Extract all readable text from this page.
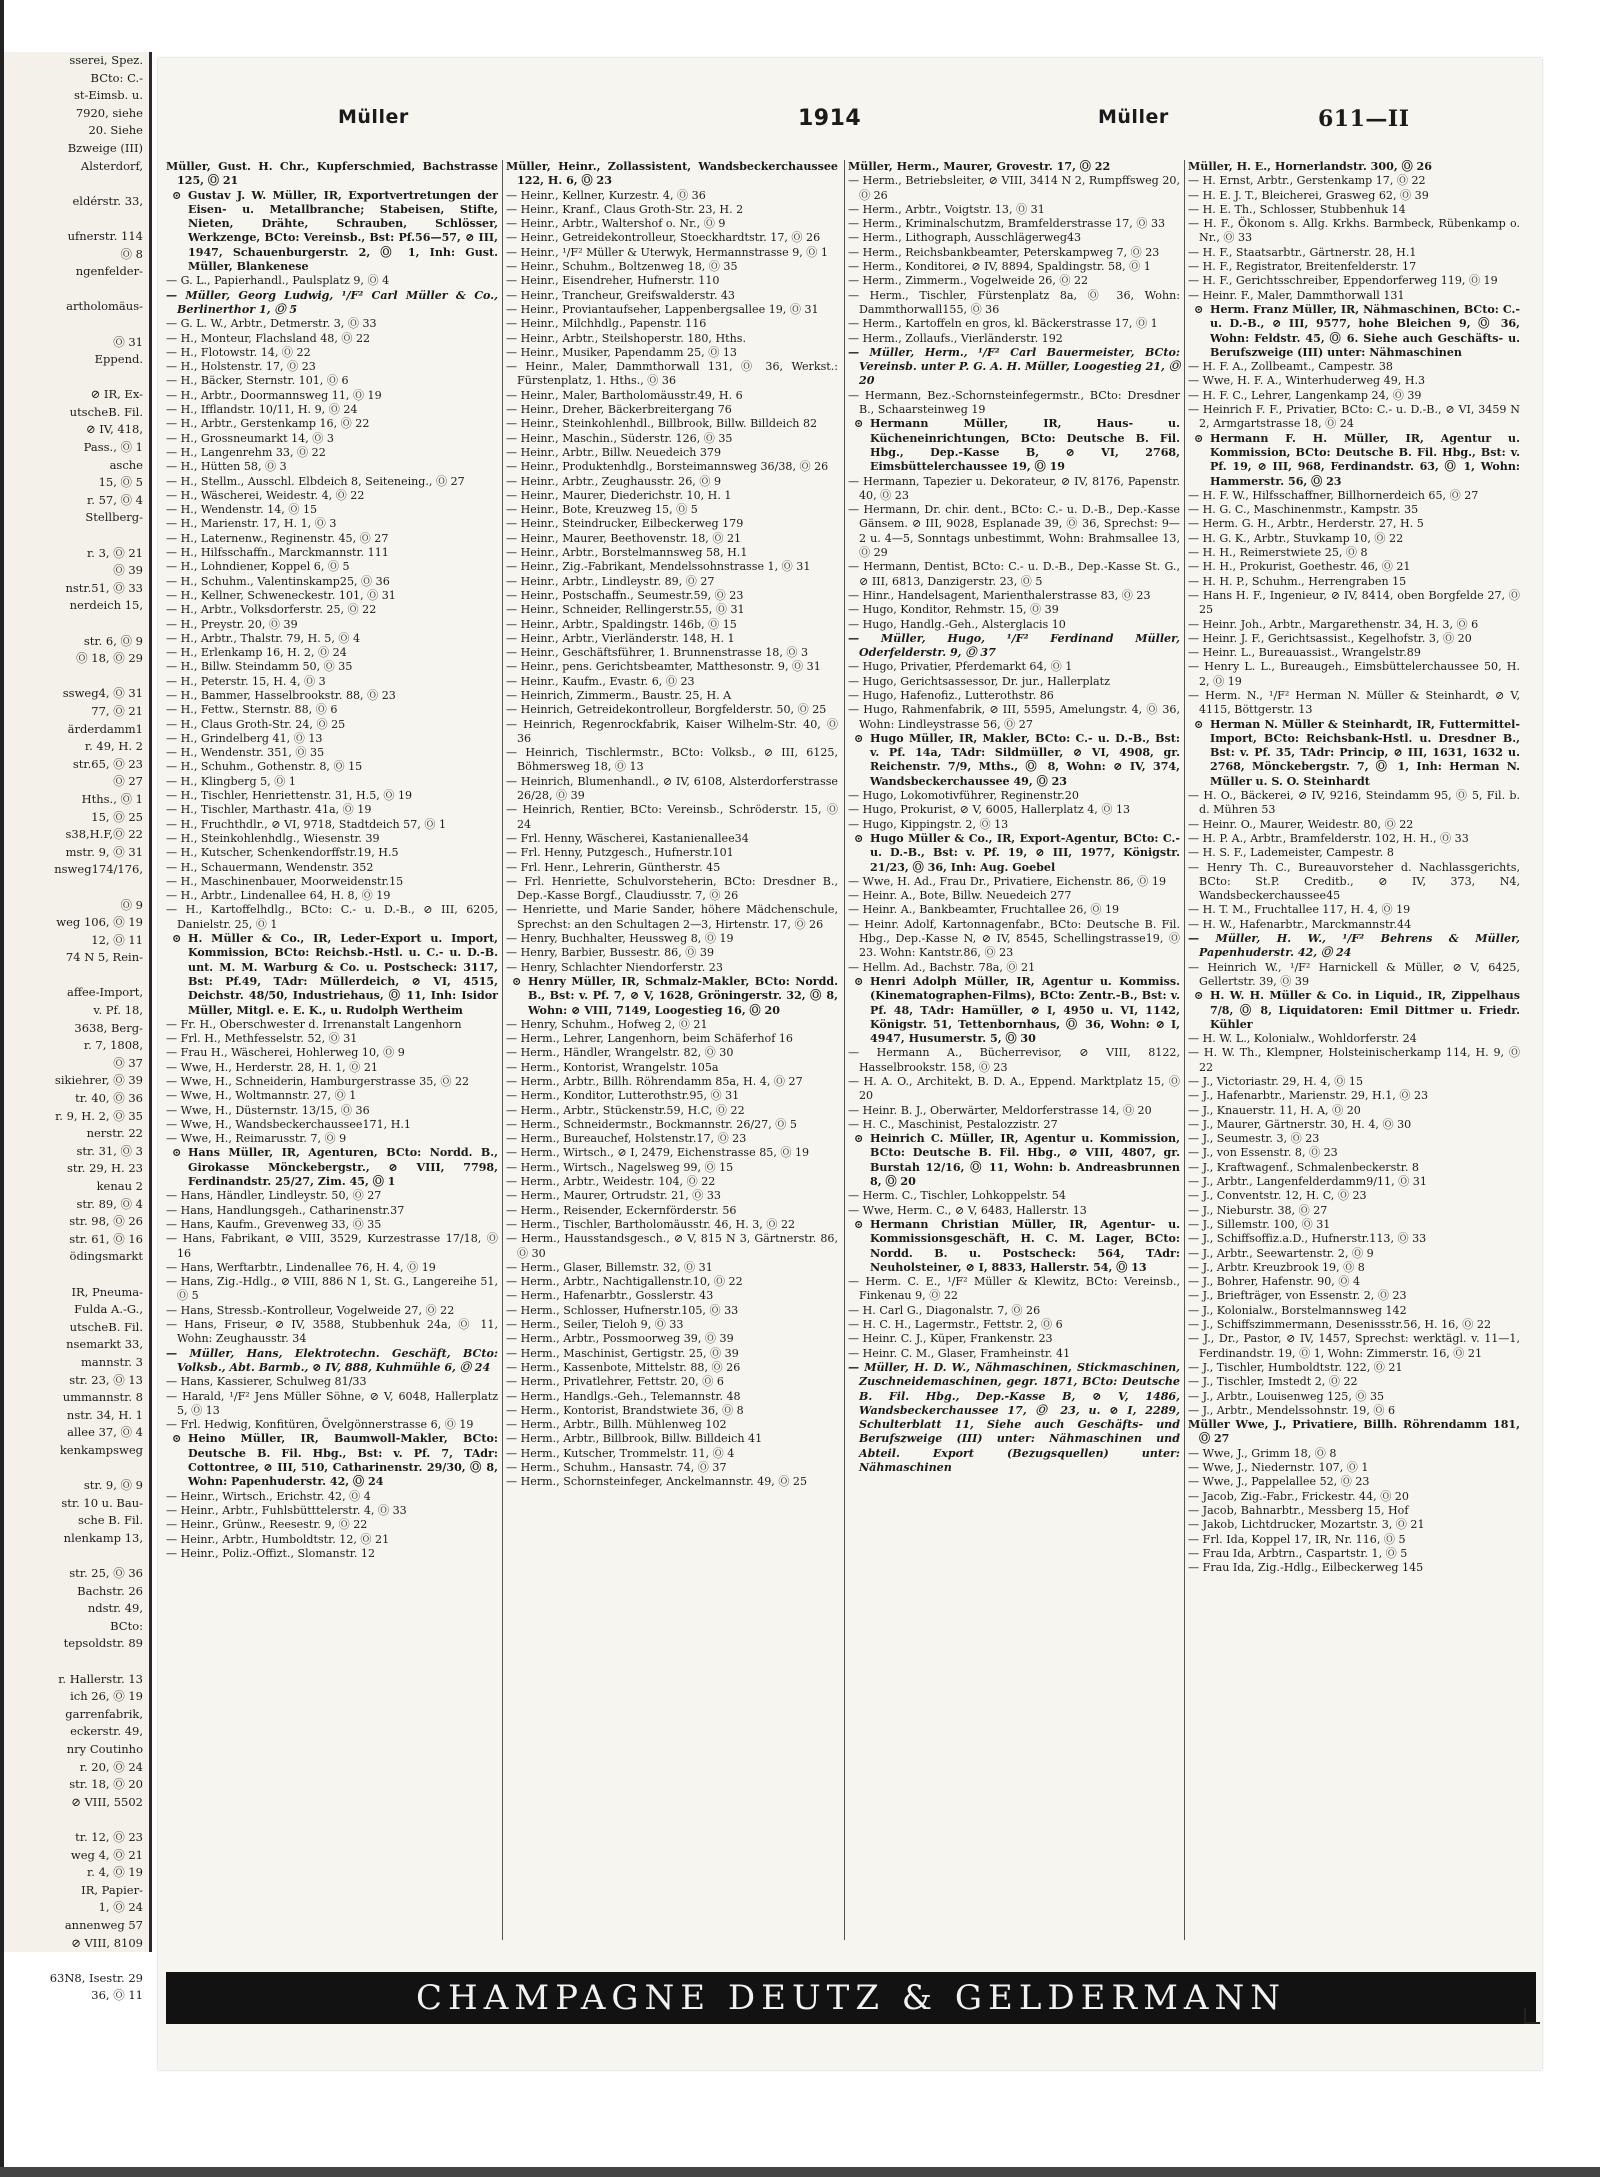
sserei, Spez.
BCto: C.-
st-Eimsb. u.
7920, siehe
20. Siehe
Bzweige (III)
Alsterdorf,

eldérstr. 33,

ufnerstr. 114
Ⓞ 8
ngenfelder-

artholomäus-

Ⓞ 31
Eppend.

⊘ IR, Ex-
utscheB. Fil.
⊘ IV, 418,
Pass., Ⓞ 1
asche
15, Ⓞ 5
r. 57, Ⓞ 4
Stellberg-

r. 3, Ⓞ 21
Ⓞ 39
nstr.51, Ⓞ 33
nerdeich 15,

str. 6, Ⓞ 9
Ⓞ 18, Ⓞ 29

ssweg4, Ⓞ 31
77, Ⓞ 21
ärderdamm1
r. 49, H. 2
str.65, Ⓞ 23
Ⓞ 27
Hths., Ⓞ 1
15, Ⓞ 25
s38,H.F,Ⓞ 22
mstr. 9, Ⓞ 31
nsweg174/176,

Ⓞ 9
weg 106, Ⓞ 19
12, Ⓞ 11
74 N 5, Rein-

affee-Import,
v. Pf. 18,
3638, Berg-
r. 7, 1808,
Ⓞ 37
sikiehrer, Ⓞ 39
tr. 40, Ⓞ 36
r. 9, H. 2, Ⓞ 35
nerstr. 22
str. 31, Ⓞ 3
str. 29, H. 23
kenau 2
str. 89, Ⓞ 4
str. 98, Ⓞ 26
str. 61, Ⓞ 16
ödingsmarkt

IR, Pneuma-
Fulda A.-G.,
utscheB. Fil.
nsemarkt 33,
mannstr. 3
str. 23, Ⓞ 13
ummannstr. 8
nstr. 34, H. 1
allee 37, Ⓞ 4
kenkampsweg

str. 9, Ⓞ 9
str. 10 u. Bau-
sche B. Fil.
nlenkamp 13,

str. 25, Ⓞ 36
Bachstr. 26
ndstr. 49,
BCto:
tepsoldstr. 89

r. Hallerstr. 13
ich 26, Ⓞ 19
garrenfabrik,
eckerstr. 49,
nry Coutinho
r. 20, Ⓞ 24
str. 18, Ⓞ 20
⊘ VIII, 5502

tr. 12, Ⓞ 23
weg 4, Ⓞ 21
r. 4, Ⓞ 19
IR, Papier-
1, Ⓞ 24
annenweg 57
⊘ VIII, 8109

63N8, Isestr. 29
36, Ⓞ 11
Müller	1914	Müller	611—II

Müller, Gust. H. Chr., Kupferschmied, Bachstrasse 125, Ⓞ 21

⊙ Gustav J. W. Müller, IR, Exportvertretungen der Eisen- u. Metallbranche; Stabeisen, Stifte, Nieten, Drähte, Schrauben, Schlösser, Werkzenge, BCto: Vereinsb., Bst: Pf.56—57, ⊘ III, 1947, Schauenburgerstr. 2, Ⓞ 1, Inh: Gust. Müller, Blankenese

— G. L., Papierhandl., Paulsplatz 9, Ⓞ 4

— Müller, Georg Ludwig, ¹/F² Carl Müller & Co., Berlinerthor 1, Ⓞ 5

— G. L. W., Arbtr., Detmerstr. 3, Ⓞ 33

— H., Monteur, Flachsland 48, Ⓞ 22

— H., Flotowstr. 14, Ⓞ 22

— H., Holstenstr. 17, Ⓞ 23

— H., Bäcker, Sternstr. 101, Ⓞ 6

— H., Arbtr., Doormannsweg 11, Ⓞ 19

— H., Ifflandstr. 10/11, H. 9, Ⓞ 24

— H., Arbtr., Gerstenkamp 16, Ⓞ 22

— H., Grossneumarkt 14, Ⓞ 3

— H., Langenrehm 33, Ⓞ 22

— H., Hütten 58, Ⓞ 3

— H., Stellm., Ausschl. Elbdeich 8, Seiteneing., Ⓞ 27

— H., Wäscherei, Weidestr. 4, Ⓞ 22

— H., Wendenstr. 14, Ⓞ 15

— H., Marienstr. 17, H. 1, Ⓞ 3

— H., Laternenw., Reginenstr. 45, Ⓞ 27

— H., Hilfsschaffn., Marckmannstr. 111

— H., Lohndiener, Koppel 6, Ⓞ 5

— H., Schuhm., Valentinskamp25, Ⓞ 36

— H., Kellner, Schweneckestr. 101, Ⓞ 31

— H., Arbtr., Volksdorferstr. 25, Ⓞ 22

— H., Preystr. 20, Ⓞ 39

— H., Arbtr., Thalstr. 79, H. 5, Ⓞ 4

— H., Erlenkamp 16, H. 2, Ⓞ 24

— H., Billw. Steindamm 50, Ⓞ 35

— H., Peterstr. 15, H. 4, Ⓞ 3

— H., Bammer, Hasselbrookstr. 88, Ⓞ 23

— H., Fettw., Sternstr. 88, Ⓞ 6

— H., Claus Groth-Str. 24, Ⓞ 25

— H., Grindelberg 41, Ⓞ 13

— H., Wendenstr. 351, Ⓞ 35

— H., Schuhm., Gothenstr. 8, Ⓞ 15

— H., Klingberg 5, Ⓞ 1

— H., Tischler, Henriettenstr. 31, H.5, Ⓞ 19

— H., Tischler, Marthastr. 41a, Ⓞ 19

— H., Fruchthdlr., ⊘ VI, 9718, Stadtdeich 57, Ⓞ 1

— H., Steinkohlenhdlg., Wiesenstr. 39

— H., Kutscher, Schenkendorffstr.19, H.5

— H., Schauermann, Wendenstr. 352

— H., Maschinenbauer, Moorweidenstr.15

— H., Arbtr., Lindenallee 64, H. 8, Ⓞ 19

— H., Kartoffelhdlg., BCto: C.- u. D.-B., ⊘ III, 6205, Danielstr. 25, Ⓞ 1

⊙ H. Müller & Co., IR, Leder-Export u. Import, Kommission, BCto: Reichsb.-Hstl. u. C.- u. D.-B. unt. M. M. Warburg & Co. u. Postscheck: 3117, Bst: Pf.49, TAdr: Müllerdeich, ⊘ VI, 4515, Deichstr. 48/50, Industriehaus, Ⓞ 11, Inh: Isidor Müller, Mitgl. e. E. K., u. Rudolph Wertheim

— Fr. H., Oberschwester d. Irrenanstalt Langenhorn

— Frl. H., Methfesselstr. 52, Ⓞ 31

— Frau H., Wäscherei, Hohlerweg 10, Ⓞ 9

— Wwe, H., Herderstr. 28, H. 1, Ⓞ 21

— Wwe, H., Schneiderin, Hamburgerstrasse 35, Ⓞ 22

— Wwe, H., Woltmannstr. 27, Ⓞ 1

— Wwe, H., Düsternstr. 13/15, Ⓞ 36

— Wwe, H., Wandsbeckerchaussee171, H.1

— Wwe, H., Reimarusstr. 7, Ⓞ 9

⊙ Hans Müller, IR, Agenturen, BCto: Nordd. B., Girokasse Mönckebergstr., ⊘ VIII, 7798, Ferdinandstr. 25/27, Zim. 45, Ⓞ 1

— Hans, Händler, Lindleystr. 50, Ⓞ 27

— Hans, Handlungsgeh., Catharinenstr.37

— Hans, Kaufm., Grevenweg 33, Ⓞ 35

— Hans, Fabrikant, ⊘ VIII, 3529, Kurzestrasse 17/18, Ⓞ 16

— Hans, Werftarbtr., Lindenallee 76, H. 4, Ⓞ 19

— Hans, Zig.-Hdlg., ⊘ VIII, 886 N 1, St. G., Langereihe 51, Ⓞ 5

— Hans, Stressb.-Kontrolleur, Vogelweide 27, Ⓞ 22

— Hans, Friseur, ⊘ IV, 3588, Stubbenhuk 24a, Ⓞ 11, Wohn: Zeughausstr. 34

— Müller, Hans, Elektrotechn. Geschäft, BCto: Volksb., Abt. Barmb., ⊘ IV, 888, Kuhmühle 6, Ⓞ 24

— Hans, Kassierer, Schulweg 81/33

— Harald, ¹/F² Jens Müller Söhne, ⊘ V, 6048, Hallerplatz 5, Ⓞ 13

— Frl. Hedwig, Konfitüren, Övelgönnerstrasse 6, Ⓞ 19

⊙ Heino Müller, IR, Baumwoll-Makler, BCto: Deutsche B. Fil. Hbg., Bst: v. Pf. 7, TAdr: Cottontree, ⊘ III, 510, Catharinenstr. 29/30, Ⓞ 8, Wohn: Papenhuderstr. 42, Ⓞ 24

— Heinr., Wirtsch., Erichstr. 42, Ⓞ 4

— Heinr., Arbtr., Fuhlsbütttelerstr. 4, Ⓞ 33

— Heinr., Grünw., Reesestr. 9, Ⓞ 22

— Heinr., Arbtr., Humboldtstr. 12, Ⓞ 21

— Heinr., Poliz.-Offizt., Slomanstr. 12

Müller, Heinr., Zollassistent, Wandsbeckerchaussee 122, H. 6, Ⓞ 23

— Heinr., Kellner, Kurzestr. 4, Ⓞ 36

— Heinr., Kranf., Claus Groth-Str. 23, H. 2

— Heinr., Arbtr., Waltershof o. Nr., Ⓞ 9

— Heinr., Getreidekontrolleur, Stoeckhardtstr. 17, Ⓞ 26

— Heinr., ¹/F² Müller & Uterwyk, Hermannstrasse 9, Ⓞ 1

— Heinr., Schuhm., Boltzenweg 18, Ⓞ 35

— Heinr., Eisendreher, Hufnerstr. 110

— Heinr., Trancheur, Greifswalderstr. 43

— Heinr., Proviantaufseher, Lappenbergsallee 19, Ⓞ 31

— Heinr., Milchhdlg., Papenstr. 116

— Heinr., Arbtr., Steilshoperstr. 180, Hths.

— Heinr., Musiker, Papendamm 25, Ⓞ 13

— Heinr., Maler, Dammthorwall 131, Ⓞ 36, Werkst.: Fürstenplatz, 1. Hths., Ⓞ 36

— Heinr., Maler, Bartholomäusstr.49, H. 6

— Heinr., Dreher, Bäckerbreitergang 76

— Heinr., Steinkohlenhdl., Billbrook, Billw. Billdeich 82

— Heinr., Maschin., Süderstr. 126, Ⓞ 35

— Heinr., Arbtr., Billw. Neuedeich 379

— Heinr., Produktenhdlg., Borsteimannsweg 36/38, Ⓞ 26

— Heinr., Arbtr., Zeughausstr. 26, Ⓞ 9

— Heinr., Maurer, Diederichstr. 10, H. 1

— Heinr., Bote, Kreuzweg 15, Ⓞ 5

— Heinr., Steindrucker, Eilbeckerweg 179

— Heinr., Maurer, Beethovenstr. 18, Ⓞ 21

— Heinr., Arbtr., Borstelmannsweg 58, H.1

— Heinr., Zig.-Fabrikant, Mendelssohnstrasse 1, Ⓞ 31

— Heinr., Arbtr., Lindleystr. 89, Ⓞ 27

— Heinr., Postschaffn., Seumestr.59, Ⓞ 23

— Heinr., Schneider, Rellingerstr.55, Ⓞ 31

— Heinr., Arbtr., Spaldingstr. 146b, Ⓞ 15

— Heinr., Arbtr., Vierländerstr. 148, H. 1

— Heinr., Geschäftsführer, 1. Brunnenstrasse 18, Ⓞ 3

— Heinr., pens. Gerichtsbeamter, Matthesonstr. 9, Ⓞ 31

— Heinr., Kaufm., Evastr. 6, Ⓞ 23

— Heinrich, Zimmerm., Baustr. 25, H. A

— Heinrich, Getreidekontrolleur, Borgfelderstr. 50, Ⓞ 25

— Heinrich, Regenrockfabrik, Kaiser Wilhelm-Str. 40, Ⓞ 36

— Heinrich, Tischlermstr., BCto: Volksb., ⊘ III, 6125, Böhmersweg 18, Ⓞ 13

— Heinrich, Blumenhandl., ⊘ IV, 6108, Alsterdorferstrasse 26/28, Ⓞ 39

— Heinrich, Rentier, BCto: Vereinsb., Schröderstr. 15, Ⓞ 24

— Frl. Henny, Wäscherei, Kastanienallee34

— Frl. Henny, Putzgesch., Hufnerstr.101

— Frl. Henr., Lehrerin, Güntherstr. 45

— Frl. Henriette, Schulvorsteherin, BCto: Dresdner B., Dep.-Kasse Borgf., Claudiusstr. 7, Ⓞ 26

— Henriette, und Marie Sander, höhere Mädchenschule, Sprechst: an den Schultagen 2—3, Hirtenstr. 17, Ⓞ 26

— Henry, Buchhalter, Heussweg 8, Ⓞ 19

— Henry, Barbier, Bussestr. 86, Ⓞ 39

— Henry, Schlachter Niendorferstr. 23

⊙ Henry Müller, IR, Schmalz-Makler, BCto: Nordd. B., Bst: v. Pf. 7, ⊘ V, 1628, Gröningerstr. 32, Ⓞ 8, Wohn: ⊘ VIII, 7149, Loogestieg 16, Ⓞ 20

— Henry, Schuhm., Hofweg 2, Ⓞ 21

— Herm., Lehrer, Langenhorn, beim Schäferhof 16

— Herm., Händler, Wrangelstr. 82, Ⓞ 30

— Herm., Kontorist, Wrangelstr. 105a

— Herm., Arbtr., Billh. Röhrendamm 85a, H. 4, Ⓞ 27

— Herm., Konditor, Lutterothstr.95, Ⓞ 31

— Herm., Arbtr., Stückenstr.59, H.C, Ⓞ 22

— Herm., Schneidermstr., Bockmannstr. 26/27, Ⓞ 5

— Herm., Bureauchef, Holstenstr.17, Ⓞ 23

— Herm., Wirtsch., ⊘ I, 2479, Eichenstrasse 85, Ⓞ 19

— Herm., Wirtsch., Nagelsweg 99, Ⓞ 15

— Herm., Arbtr., Weidestr. 104, Ⓞ 22

— Herm., Maurer, Ortrudstr. 21, Ⓞ 33

— Herm., Reisender, Eckernförderstr. 56

— Herm., Tischler, Bartholomäusstr. 46, H. 3, Ⓞ 22

— Herm., Hausstandsgesch., ⊘ V, 815 N 3, Gärtnerstr. 86, Ⓞ 30

— Herm., Glaser, Billemstr. 32, Ⓞ 31

— Herm., Arbtr., Nachtigallenstr.10, Ⓞ 22

— Herm., Hafenarbtr., Gosslerstr. 43

— Herm., Schlosser, Hufnerstr.105, Ⓞ 33

— Herm., Seiler, Tieloh 9, Ⓞ 33

— Herm., Arbtr., Possmoorweg 39, Ⓞ 39

— Herm., Maschinist, Gertigstr. 25, Ⓞ 39

— Herm., Kassenbote, Mittelstr. 88, Ⓞ 26

— Herm., Privatlehrer, Fettstr. 20, Ⓞ 6

— Herm., Handlgs.-Geh., Telemannstr. 48

— Herm., Kontorist, Brandstwiete 36, Ⓞ 8

— Herm., Arbtr., Billh. Mühlenweg 102

— Herm., Arbtr., Billbrook, Billw. Billdeich 41

— Herm., Kutscher, Trommelstr. 11, Ⓞ 4

— Herm., Schuhm., Hansastr. 74, Ⓞ 37

— Herm., Schornsteinfeger, Anckelmannstr. 49, Ⓞ 25

Müller, Herm., Maurer, Grovestr. 17, Ⓞ 22

— Herm., Betriebsleiter, ⊘ VIII, 3414 N 2, Rumpffsweg 20, Ⓞ 26

— Herm., Arbtr., Voigtstr. 13, Ⓞ 31

— Herm., Kriminalschutzm, Bramfelderstrasse 17, Ⓞ 33

— Herm., Lithograph, Ausschlägerweg43

— Herm., Reichsbankbeamter, Peterskampweg 7, Ⓞ 23

— Herm., Konditorei, ⊘ IV, 8894, Spaldingstr. 58, Ⓞ 1

— Herm., Zimmerm., Vogelweide 26, Ⓞ 22

— Herm., Tischler, Fürstenplatz 8a, Ⓞ 36, Wohn: Dammthorwall155, Ⓞ 36

— Herm., Kartoffeln en gros, kl. Bäckerstrasse 17, Ⓞ 1

— Herm., Zollaufs., Vierländerstr. 192

— Müller, Herm., ¹/F² Carl Bauermeister, BCto: Vereinsb. unter P. G. A. H. Müller, Loogestieg 21, Ⓞ 20

— Hermann, Bez.-Schornsteinfegermstr., BCto: Dresdner B., Schaarsteinweg 19

⊙ Hermann Müller, IR, Haus- u. Kücheneinrichtungen, BCto: Deutsche B. Fil. Hbg., Dep.-Kasse B, ⊘ VI, 2768, Eimsbüttelerchaussee 19, Ⓞ 19

— Hermann, Tapezier u. Dekorateur, ⊘ IV, 8176, Papenstr. 40, Ⓞ 23

— Hermann, Dr. chir. dent., BCto: C.- u. D.-B., Dep.-Kasse Gänsem. ⊘ III, 9028, Esplanade 39, Ⓞ 36, Sprechst: 9—2 u. 4—5, Sonntags unbestimmt, Wohn: Brahmsallee 13, Ⓞ 29

— Hermann, Dentist, BCto: C.- u. D.-B., Dep.-Kasse St. G., ⊘ III, 6813, Danzigerstr. 23, Ⓞ 5

— Hinr., Handelsagent, Marienthalerstrasse 83, Ⓞ 23

— Hugo, Konditor, Rehmstr. 15, Ⓞ 39

— Hugo, Handlg.-Geh., Alsterglacis 10

— Müller, Hugo, ¹/F² Ferdinand Müller, Oderfelderstr. 9, Ⓞ 37

— Hugo, Privatier, Pferdemarkt 64, Ⓞ 1

— Hugo, Gerichtsassessor, Dr. jur., Hallerplatz

— Hugo, Hafenofiz., Lutterothstr. 86

— Hugo, Rahmenfabrik, ⊘ III, 5595, Amelungstr. 4, Ⓞ 36, Wohn: Lindleystrasse 56, Ⓞ 27

⊙ Hugo Müller, IR, Makler, BCto: C.- u. D.-B., Bst: v. Pf. 14a, TAdr: Sildmüller, ⊘ VI, 4908, gr. Reichenstr. 7/9, Mths., Ⓞ 8, Wohn: ⊘ IV, 374, Wandsbeckerchaussee 49, Ⓞ 23

— Hugo, Lokomotivführer, Reginenstr.20

— Hugo, Prokurist, ⊘ V, 6005, Hallerplatz 4, Ⓞ 13

— Hugo, Kippingstr. 2, Ⓞ 13

⊙ Hugo Müller & Co., IR, Export-Agentur, BCto: C.- u. D.-B., Bst: v. Pf. 19, ⊘ III, 1977, Königstr. 21/23, Ⓞ 36, Inh: Aug. Goebel

— Wwe, H. Ad., Frau Dr., Privatiere, Eichenstr. 86, Ⓞ 19

— Heinr. A., Bote, Billw. Neuedeich 277

— Heinr. A., Bankbeamter, Fruchtallee 26, Ⓞ 19

— Heinr. Adolf, Kartonnagenfabr., BCto: Deutsche B. Fil. Hbg., Dep.-Kasse N, ⊘ IV, 8545, Schellingstrasse19, Ⓞ 23. Wohn: Kantstr.86, Ⓞ 23

— Hellm. Ad., Bachstr. 78a, Ⓞ 21

⊙ Henri Adolph Müller, IR, Agentur u. Kommiss. (Kinematographen-Films), BCto: Zentr.-B., Bst: v. Pf. 48, TAdr: Hamüller, ⊘ I, 4950 u. VI, 1142, Königstr. 51, Tettenbornhaus, Ⓞ 36, Wohn: ⊘ I, 4947, Husumerstr. 5, Ⓞ 30

— Hermann A., Bücherrevisor, ⊘ VIII, 8122, Hasselbrookstr. 158, Ⓞ 23

— H. A. O., Architekt, B. D. A., Eppend. Marktplatz 15, Ⓞ 20

— Heinr. B. J., Oberwärter, Meldorferstrasse 14, Ⓞ 20

— H. C., Maschinist, Pestalozzistr. 27

⊙ Heinrich C. Müller, IR, Agentur u. Kommission, BCto: Deutsche B. Fil. Hbg., ⊘ VIII, 4807, gr. Burstah 12/16, Ⓞ 11, Wohn: b. Andreasbrunnen 8, Ⓞ 20

— Herm. C., Tischler, Lohkoppelstr. 54

— Wwe, Herm. C., ⊘ V, 6483, Hallerstr. 13

⊙ Hermann Christian Müller, IR, Agentur- u. Kommissionsgeschäft, H. C. M. Lager, BCto: Nordd. B. u. Postscheck: 564, TAdr: Neuholsteiner, ⊘ I, 8833, Hallerstr. 54, Ⓞ 13

— Herm. C. E., ¹/F² Müller & Klewitz, BCto: Vereinsb., Finkenau 9, Ⓞ 22

— H. Carl G., Diagonalstr. 7, Ⓞ 26

— H. C. H., Lagermstr., Fettstr. 2, Ⓞ 6

— Heinr. C. J., Küper, Frankenstr. 23

— Heinr. C. M., Glaser, Framheinstr. 41

— Müller, H. D. W., Nähmaschinen, Stickmaschinen, Zuschneidemaschinen, gegr. 1871, BCto: Deutsche B. Fil. Hbg., Dep.-Kasse B, ⊘ V, 1486, Wandsbeckerchaussee 17, Ⓞ 23, u. ⊘ I, 2289, Schulterblatt 11, Siehe auch Geschäfts- und Berufszweige (III) unter: Nähmaschinen und Abteil. Export (Bezugsquellen) unter: Nähmaschinen

Müller, H. E., Hornerlandstr. 300, Ⓞ 26

— H. Ernst, Arbtr., Gerstenkamp 17, Ⓞ 22

— H. E. J. T., Bleicherei, Grasweg 62, Ⓞ 39

— H. E. Th., Schlosser, Stubbenhuk 14

— H. F., Ökonom s. Allg. Krkhs. Barmbeck, Rübenkamp o. Nr., Ⓞ 33

— H. F., Staatsarbtr., Gärtnerstr. 28, H.1

— H. F., Registrator, Breitenfelderstr. 17

— H. F., Gerichtsschreiber, Eppendorferweg 119, Ⓞ 19

— Heinr. F., Maler, Dammthorwall 131

⊙ Herm. Franz Müller, IR, Nähmaschinen, BCto: C.- u. D.-B., ⊘ III, 9577, hohe Bleichen 9, Ⓞ 36, Wohn: Feldstr. 45, Ⓞ 6. Siehe auch Geschäfts- u. Berufszweige (III) unter: Nähmaschinen

— H. F. A., Zollbeamt., Campestr. 38

— Wwe, H. F. A., Winterhuderweg 49, H.3

— H. F. C., Lehrer, Langenkamp 24, Ⓞ 39

— Heinrich F. F., Privatier, BCto: C.- u. D.-B., ⊘ VI, 3459 N 2, Armgartstrasse 18, Ⓞ 24

⊙ Hermann F. H. Müller, IR, Agentur u. Kommission, BCto: Deutsche B. Fil. Hbg., Bst: v. Pf. 19, ⊘ III, 968, Ferdinandstr. 63, Ⓞ 1, Wohn: Hammerstr. 56, Ⓞ 23

— H. F. W., Hilfsschaffner, Billhornerdeich 65, Ⓞ 27

— H. G. C., Maschinenmstr., Kampstr. 35

— Herm. G. H., Arbtr., Herderstr. 27, H. 5

— H. G. K., Arbtr., Stuvkamp 10, Ⓞ 22

— H. H., Reimerstwiete 25, Ⓞ 8

— H. H., Prokurist, Goethestr. 46, Ⓞ 21

— H. H. P., Schuhm., Herrengraben 15

— Hans H. F., Ingenieur, ⊘ IV, 8414, oben Borgfelde 27, Ⓞ 25

— Heinr. Joh., Arbtr., Margarethenstr. 34, H. 3, Ⓞ 6

— Heinr. J. F., Gerichtsassist., Kegelhofstr. 3, Ⓞ 20

— Heinr. L., Bureauassist., Wrangelstr.89

— Henry L. L., Bureaugeh., Eimsbüttelerchaussee 50, H. 2, Ⓞ 19

— Herm. N., ¹/F² Herman N. Müller & Steinhardt, ⊘ V, 4115, Böttgerstr. 13

⊙ Herman N. Müller & Steinhardt, IR, Futtermittel-Import, BCto: Reichsbank-Hstl. u. Dresdner B., Bst: v. Pf. 35, TAdr: Princip, ⊘ III, 1631, 1632 u. 2768, Mönckebergstr. 7, Ⓞ 1, Inh: Herman N. Müller u. S. O. Steinhardt

— H. O., Bäckerei, ⊘ IV, 9216, Steindamm 95, Ⓞ 5, Fil. b. d. Mühren 53

— Heinr. O., Maurer, Weidestr. 80, Ⓞ 22

— H. P. A., Arbtr., Bramfelderstr. 102, H. H., Ⓞ 33

— H. S. F., Lademeister, Campestr. 8

— Henry Th. C., Bureauvorsteher d. Nachlassgerichts, BCto: St.P. Creditb., ⊘ IV, 373, N4, Wandsbeckerchaussee45

— H. T. M., Fruchtallee 117, H. 4, Ⓞ 19

— H. W., Hafenarbtr., Marckmannstr.44

— Müller, H. W., ¹/F² Behrens & Müller, Papenhuderstr. 42, Ⓞ 24

— Heinrich W., ¹/F² Harnickell & Müller, ⊘ V, 6425, Gellertstr. 39, Ⓞ 39

⊙ H. W. H. Müller & Co. in Liquid., IR, Zippelhaus 7/8, Ⓞ 8, Liquidatoren: Emil Dittmer u. Friedr. Kühler

— H. W. L., Kolonialw., Wohldorferstr. 24

— H. W. Th., Klempner, Holsteinischerkamp 114, H. 9, Ⓞ 22

— J., Victoriastr. 29, H. 4, Ⓞ 15

— J., Hafenarbtr., Marienstr. 29, H.1, Ⓞ 23

— J., Knauerstr. 11, H. A, Ⓞ 20

— J., Maurer, Gärtnerstr. 30, H. 4, Ⓞ 30

— J., Seumestr. 3, Ⓞ 23

— J., von Essenstr. 8, Ⓞ 23

— J., Kraftwagenf., Schmalenbeckerstr. 8

— J., Arbtr., Langenfelderdamm9/11, Ⓞ 31

— J., Conventstr. 12, H. C, Ⓞ 23

— J., Nieburstr. 38, Ⓞ 27

— J., Sillemstr. 100, Ⓞ 31

— J., Schiffsoffiz.a.D., Hufnerstr.113, Ⓞ 33

— J., Arbtr., Seewartenstr. 2, Ⓞ 9

— J., Arbtr. Kreuzbrook 19, Ⓞ 8

— J., Bohrer, Hafenstr. 90, Ⓞ 4

— J., Briefträger, von Essenstr. 2, Ⓞ 23

— J., Kolonialw., Borstelmannsweg 142

— J., Schiffszimmermann, Desenissstr.56, H. 16, Ⓞ 22

— J., Dr., Pastor, ⊘ IV, 1457, Sprechst: werktägl. v. 11—1, Ferdinandstr. 19, Ⓞ 1, Wohn: Zimmerstr. 16, Ⓞ 21

— J., Tischler, Humboldtstr. 122, Ⓞ 21

— J., Tischler, Imstedt 2, Ⓞ 22

— J., Arbtr., Louisenweg 125, Ⓞ 35

— J., Arbtr., Mendelssohnstr. 19, Ⓞ 6

Müller Wwe, J., Privatiere, Billh. Röhrendamm 181, Ⓞ 27

— Wwe, J., Grimm 18, Ⓞ 8

— Wwe, J., Niedernstr. 107, Ⓞ 1

— Wwe, J., Pappelallee 52, Ⓞ 23

— Jacob, Zig.-Fabr., Frickestr. 44, Ⓞ 20

— Jacob, Bahnarbtr., Messberg 15, Hof

— Jakob, Lichtdrucker, Mozartstr. 3, Ⓞ 21

— Frl. Ida, Koppel 17, IR, Nr. 116, Ⓞ 5

— Frau Ida, Arbtrn., Caspartstr. 1, Ⓞ 5

— Frau Ida, Zig.-Hdlg., Eilbeckerweg 145

CHAMPAGNE DEUTZ & GELDERMANN
